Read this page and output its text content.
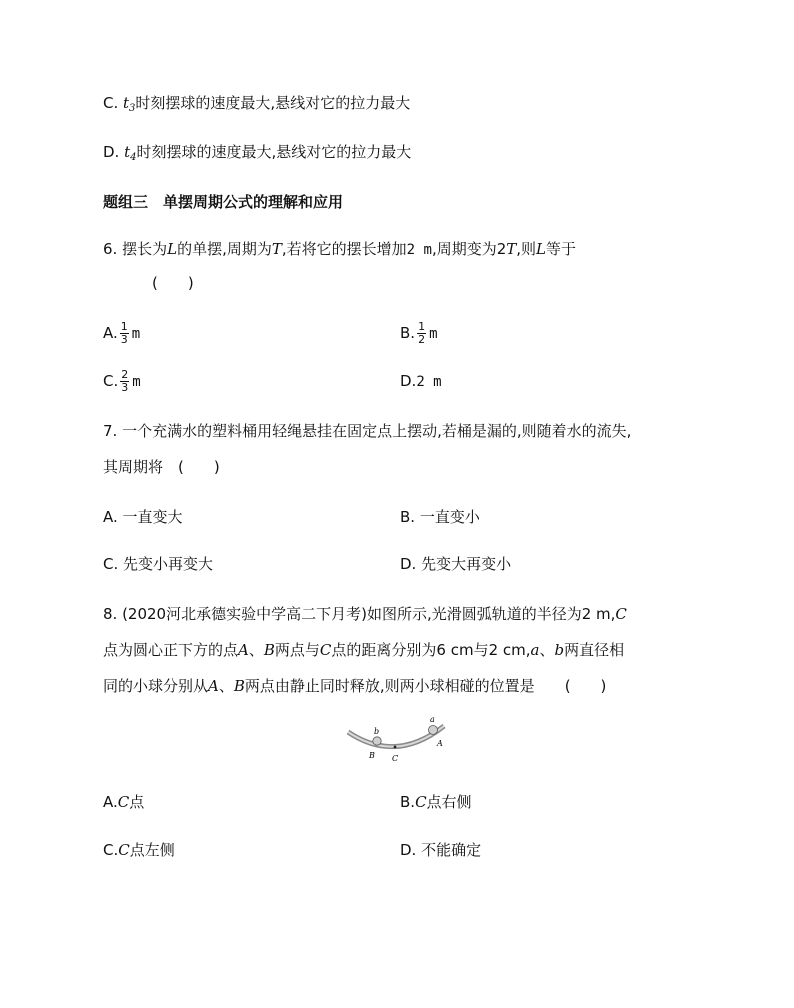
C. $t_3$时刻摆球的速度最大,悬线对它的拉力最大
D. $t_4$时刻摆球的速度最大,悬线对它的拉力最大
题组三　单摆周期公式的理解和应用
6. 摆长为L的单摆,周期为T,若将它的摆长增加2 m,周期变为2T,则L等于
(　　)
A. $\frac{1}{3}$ m	B. $\frac{1}{2}$ m
C. $\frac{2}{3}$ m	D.2 m
7. 一个充满水的塑料桶用轻绳悬挂在固定点上摆动,若桶是漏的,则随着水的流失,
其周期将　 (　　)
A. 一直变大	B. 一直变小
C. 先变小再变大	D. 先变大再变小
8. (2020河北承德实验中学高二下月考)如图所示,光滑圆弧轨道的半径为2 m,C
点为圆心正下方的点A、B两点与C点的距离分别为6 cm与2 cm,a、b两直径相
同的小球分别从A、B两点由静止同时释放,则两小球相碰的位置是　　 (　　)
b
a
B C
A
A.C点	B.C点右侧
C.C点左侧	D. 不能确定
